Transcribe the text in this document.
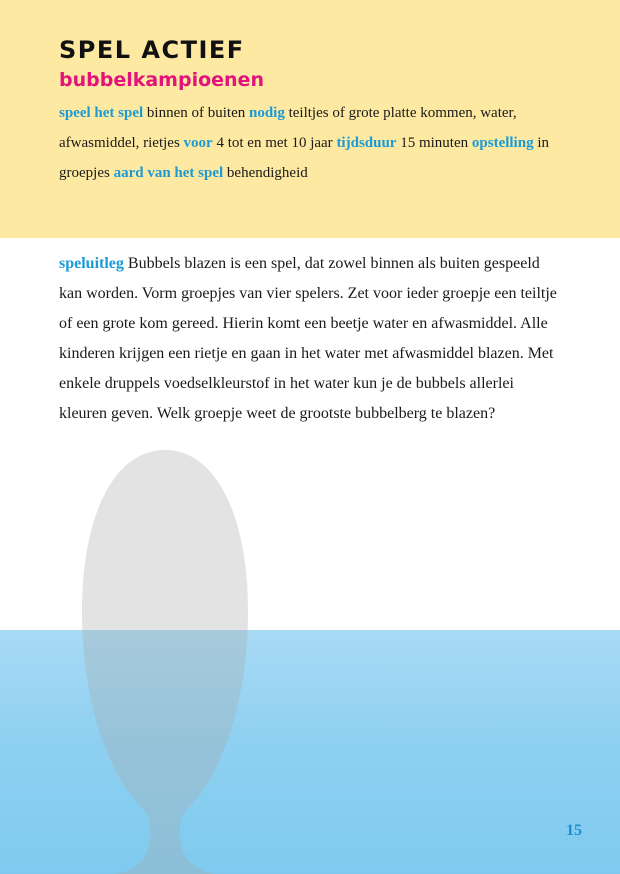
SPEL ACTIEF
bubbelkampioenen

speel het spel binnen of buiten nodig teiltjes of grote platte kommen, water, afwasmiddel, rietjes voor 4 tot en met 10 jaar tijdsduur 15 minuten opstelling in groepjes aard van het spel behendigheid

speluitleg Bubbels blazen is een spel, dat zowel binnen als buiten gespeeld kan worden. Vorm groepjes van vier spelers. Zet voor ieder groepje een teiltje of een grote kom gereed. Hierin komt een beetje water en afwasmiddel. Alle kinderen krijgen een rietje en gaan in het water met afwasmiddel blazen. Met enkele druppels voedselkleurstof in het water kun je de bubbels allerlei kleuren geven. Welk groepje weet de grootste bubbelberg te blazen?

15
